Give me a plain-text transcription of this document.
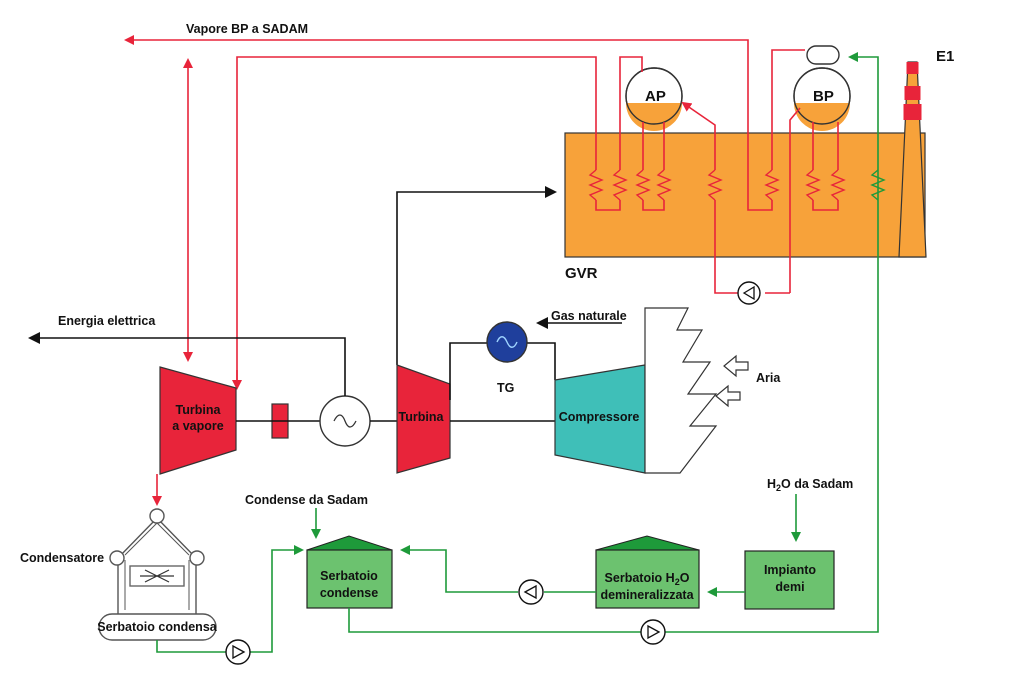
Vapore BP a SADAM
E1
GVR
AP	BP
Energia elettrica	Gas naturale
TG
Aria
Turbina
a vapore
Turbina	Compressore
Condensatore
Serbatoio condensa
Condense da Sadam
Serbatoio
condense
$H_2O$ da Sadam
Serbatoio $H_2O$
demineralizzata
Impianto
demi
